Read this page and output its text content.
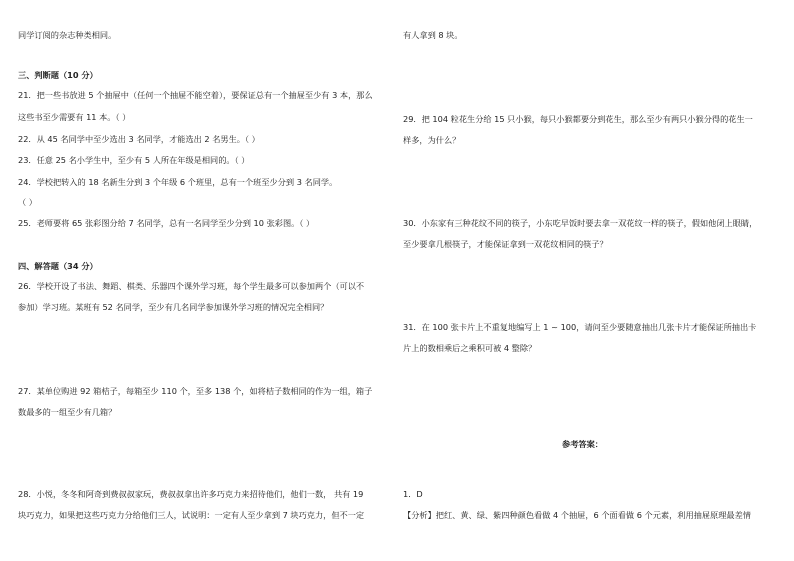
同学订阅的杂志种类相同。
三、判断题（10 分）
21．把一些书放进 5 个抽屉中（任何一个抽屉不能空着），要保证总有一个抽屉至少有 3 本，那么
这些书至少需要有 11 本。（ ）
22．从 45 名同学中至少选出 3 名同学，才能选出 2 名男生。（ ）
23．任意 25 名小学生中，至少有 5 人所在年级是相同的。（ ）
24．学校把转入的 18 名新生分到 3 个年级 6 个班里，总有一个班至少分到 3 名同学。
（ ）
25．老师要将 65 张彩图分给 7 名同学，总有一名同学至少分到 10 张彩图。（ ）
四、解答题（34 分）
26．学校开设了书法、舞蹈、棋类、乐器四个课外学习班，每个学生最多可以参加两个（可以不
参加）学习班。某班有 52 名同学，至少有几名同学参加课外学习班的情况完全相同？
27．某单位购进 92 箱桔子，每箱至少 110 个，至多 138 个，如将桔子数相同的作为一组，箱子
数最多的一组至少有几箱？
28．小悦，冬冬和阿奇到费叔叔家玩，费叔叔拿出许多巧克力来招待他们，他们一数， 共有 19
块巧克力，如果把这些巧克力分给他们三人，试说明：一定有人至少拿到 7 块巧克力，但不一定
有人拿到 8 块。
29．把 104 粒花生分给 15 只小猴，每只小猴都要分到花生，那么至少有两只小猴分得的花生一
样多，为什么？
30．小东家有三种花纹不同的筷子，小东吃早饭时要去拿一双花纹一样的筷子，假如他闭上眼睛，
至少要拿几根筷子，才能保证拿到一双花纹相同的筷子？
31．在 100 张卡片上不重复地编写上 1 ~ 100，请问至少要随意抽出几张卡片才能保证所抽出卡
片上的数相乘后之乘积可被 4 整除？
1．D
【分析】把红、黄、绿、紫四种颜色看做 4 个抽屉，6 个面看做 6 个元素，利用抽屉原理最差情
参考答案：
